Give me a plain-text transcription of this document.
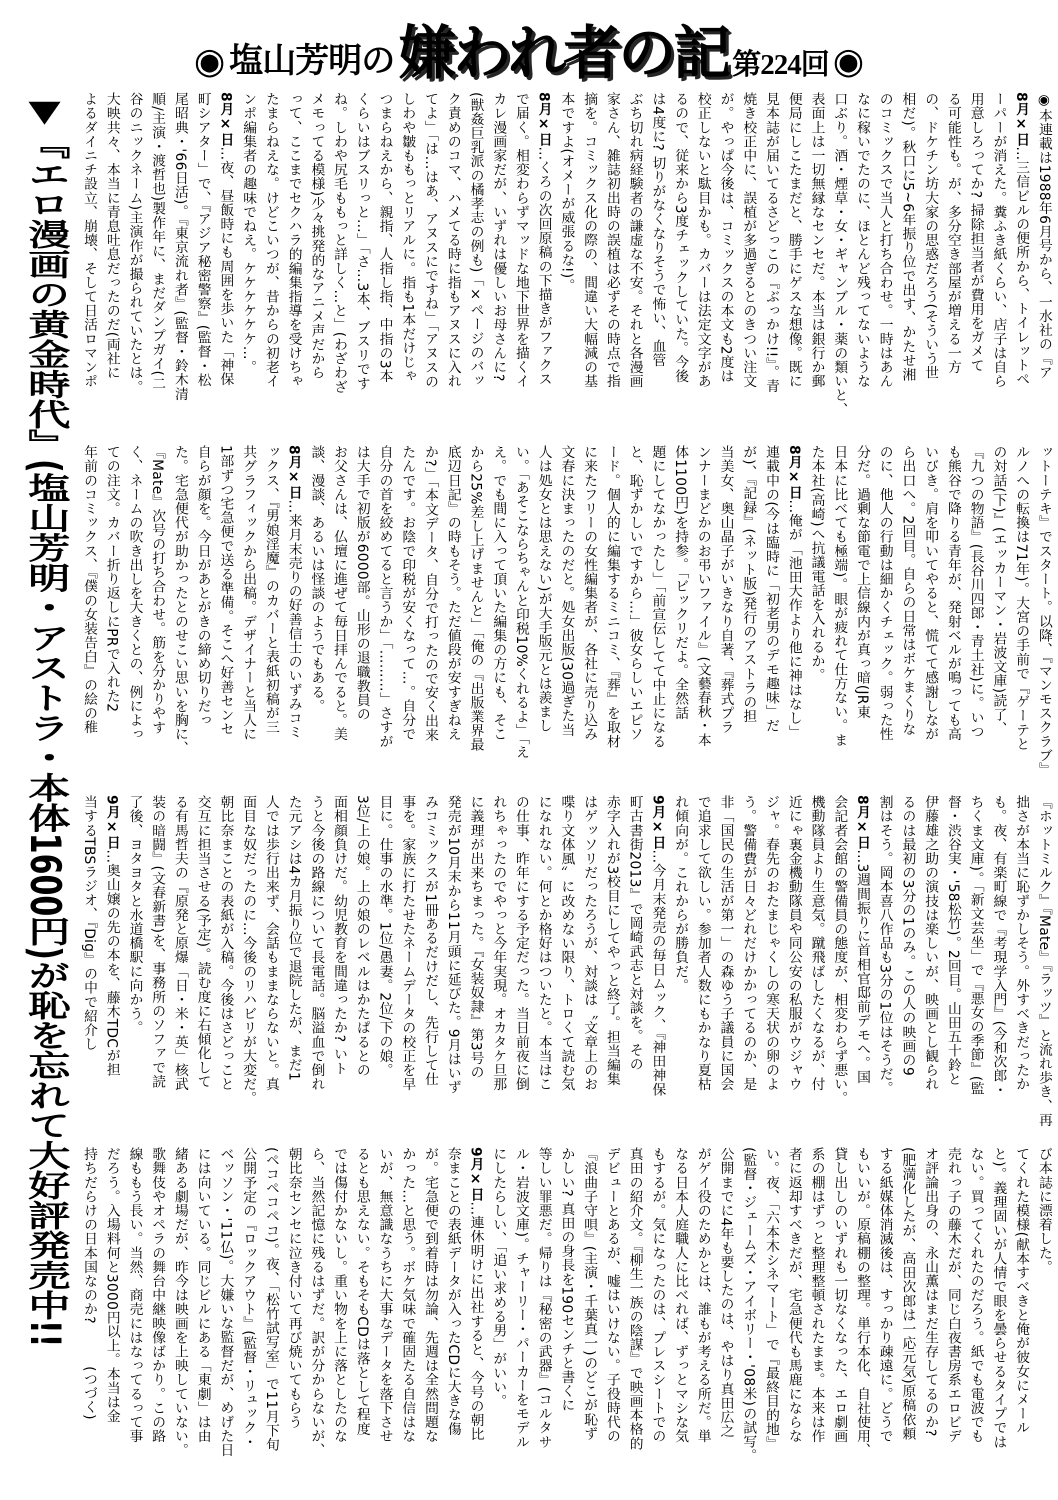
◉ 塩山芳明の 嫌われ者の記 第224回 ◉
▼『エロ漫画の黄金時代』(塩山芳明・アストラ・本体1600円)が恥を忘れて大好評発売中!!	◉本連載は1988年6月号から、一水社の『ア
8月×日…三信ビルの便所から、トイレットペ
ーパーが消えた。糞ふき紙くらい、店子は自ら
用意しろってか? 掃除担当者が費用をガメて
る可能性も。が、多分空き部屋が増える一方
の、ドケチン坊大家の思惑だろう(そういう世
相だ)。秋口に5~6年振り位で出す、かたせ湘
のコミックスで当人と打ち合わせ。一時はあん
なに稼いでたのに、ほとんど残ってないような
口ぶり。酒・煙草・女・ギャンブル・薬の類いと、
表面上は一切無縁なセンセだ。本当は銀行か郵
便局にしこたまだと、勝手にゲスな想像。既に
見本誌が届いてるさどっこの『ぶっかけ!!』。青
焼き校正中に、誤植が多過ぎるとのきつい注文
が。やっぱ今後は、コミックスの本文も2度は
校正しないと駄目かも。カバーは法定文字があ
るので、従来から3度チェックしていた。今後
は4度に? 切りがなくなりそうで怖い、血管
ぶち切れ病経験者の謙虚な不安。それと各漫画
家さん、雑誌初出時の誤植は必ずその時点で指
摘を。コミックス化の際の、間違い大幅減の基
本ですよ(オメーが威張るな!)。
8月×日…くろの次回原稿の下描きがファクス
で届く。相変わらずマッドな地下世界を描くイ
カレ漫画家だが、いずれは優しいお母さんに?
(獣姦巨乳派の橘孝志の例も)「×ページのバッ
ク責めのコマ、ハメてる時に指もアヌスに入れ
てよ」「は…はあ、アヌスにですね」「アヌスの
しわや皺ももっとリアルに。指も1本だけじゃ
つまらねえから、親指、人指し指、中指の3本
くらいはブスリっと…」「さ…3本、ブスリです
ね。しわや尻毛ももっと詳しく…と」(わざわざ
メモってる模様)少々挑発的なアニメ声だから
って、ここまでセクハラ的編集指導を受けちゃ
たまらねえな。けどこいつが、昔からの初老イ
ンポ編集者の趣味でねえ。ケケケケケケ…。
8月×日…夜、昼飯時にも周囲を歩いた「神保
町シアター」で、『アジア秘密警察』(監督・松
尾昭典・'66日活)。『東京流れ者』(監督・鈴木清
順/主演・渡哲也)製作年に、まだダンプガイ(二
谷のニックネーム)主演作が撮られていたとは。
大映共々、本当に青息吐息だったのだ(両社に
よるダイニチ設立、崩壊、そして日活ロマンポ
ットーテキ』でスタート。以降、『マンモスクラブ』
ルノへの転換は71年)。大宮の手前で『ゲーテと
の対話(下)』(エッカーマン・岩波文庫)読了、
『九つの物語』(長谷川四郎・青土社)に。いつ
も熊谷で降りる青年が、発射ベルが鳴っても高
いびき。肩を叩いてやると、慌てて感謝しなが
ら出口へ。2回目。自らの日常はボケまくりな
のに、他人の行動は細かくチェック。弱った性
分だ。過剰な節電で上信線内が真っ暗(JR東
日本に比べても極端)。眼が疲れて仕方ない。ま
た本社(高崎)へ抗議電話を入れるか。
8月×日…俺が「池田大作より他に神はなし」
連載中の(今は臨時に「初老男のデモ趣味」だ
が)、『記録』(ネット版)発行のアストラの担
当美女、奥山晶子がいきなり自著、『葬式プラ
ンナーまどかのお弔いファイル』(文藝春秋・本
体1100円)を持参。「ビックリだよ。全然話
題にしてなかったし」「前宣伝してて中止になる
と、恥ずかしいですから…」彼女らしいエピソ
ード。個人的に編集するミニコミ、『葬』を取材
に来たフリーの女性編集者が、各社に売り込み
文春に決まったのだと。処女出版(30過ぎた当
人は処女とは思えない)が大手版元とは羨まし
い。「あそこならちゃんと印税10%くれるよ」「え
え。でも間に入って頂いた編集の方にも、そこ
から25%差し上げませんと」「俺の『出版業界最
底辺日記』の時もそう。ただ値段が安すぎねえ
か?」「本文データ、自分で打ったので安く出来
たんです。お陰で印税が安くなって…。自分で
自分の首を絞めてると言うか」「………」さすが
は大手で初版が6000部。山形の退職教員の
お父さんは、仏壇に進ぜて毎日拝んでると。美
談、漫談、あるいは怪談のようでもある。
8月×日…来月末売りの好善信士のいずみコミ
ックス、『男娘淫魔』のカバーと表紙初稿が三
共グラフィックから出稿。デザイナーと当人に
1部ずつ宅急便で送る準備。そこへ好善センセ
自らが顔を。今日があとがきの締め切りだっ
た。宅急便代が助かったとのせこい思いを胸に、
『Mate』次号の打ち合わせ。筋を分かりやす
く、ネームの吹き出しを大きくとの、例によっ
ての注文。カバー折り返しにPRで入れた2
年前のコミックス、『僕の女装告白』の絵の稚
『ホットミルク』『Mate』『ラッツ』と流れ歩き、再
拙さが本当に恥ずかしそう。外すべきだったか
も。夜、有楽町線で『考現学入門』(今和次郎・
ちくま文庫)。「新文芸坐」で『悪女の季節』(監
督・渋谷実・'58松竹)。2回目。山田五十鈴と
伊藤雄之助の演技は楽しいが、映画とし観られ
るのは最初の3分の1のみ。この人の映画の9
割はそう。岡本喜八作品も3分の1位はそうだ。
8月×日…3週間振りに首相官邸前デモへ。国
会記者会館の警備員の態度が、相変わらず悪い。
機動隊員より生意気。蹴飛ばしたくなるが、付
近にゃ裏金機動隊員や同公安の私服がウジャウ
ジャ。春先のおたまじゃくしの寒天状の卵のよ
う。警備費が日々どれだけかかってるのか、是
非「国民の生活が第一」の森ゆう子議員に国会
で追求して欲しい。参加者人数にもかなり夏枯
れ傾向が。これからが勝負だ。
9月×日…今月末発売の毎日ムック、『神田神保
町古書街2013』で岡崎武志と対談を。その
赤字入れが3校目にしてやっと終了。担当編集
はゲッソリだったろうが、対談は〝文章上のお
喋り文体風〞に改めない限り、トロくて読む気
になれない。何とか格好はついたと。本当はこ
の仕事、昨年にする予定だった。当日前夜に倒
れちゃったのでやっと今年実現。オカタケ旦那
に義理が出来ちまった。『女装奴隷』第3号の
発売が10月末から11月頭に延びた。9月はいず
みコミックスが1冊あるだけだし、先行して仕
事を。家族に打たせたネームデータの校正を早
目に。仕事の水準。1位/愚妻。2位/下の娘。
3位/上の娘。上の娘のレベルはかたぱるとの
面相顔負けだ。幼児教育を間違ったか? いト
うと今後の路線について長電話。脳溢血で倒れ
た元アシは4カ月振り位で退院したが、まだ1
人では歩行出来ず、会話もままならないと。真
面目な奴だったのに…今後のリハビリが大変だ。
朝比奈まことの表紙が入稿。今後はさどっこと
交互に担当させる(予定)。読む度に右傾化して
る有馬哲夫の『原発と原爆「日・米・英」核武
装の暗闘』(文春新書)を、事務所のソファで読
了後、ヨタヨタと水道橋駅に向かう。
9月×日…奥山嬢の先の本を、藤木TDCが担
当するTBSラジオ、『Dig』の中で紹介し
び本誌に漂着した。
てくれた模様(献本すべきと俺が彼女にメール
と)。義理固いが人情で眼を曇らせるタイプでは
ない。買ってくれたのだろう。紙でも電波でも
売れっ子の藤木だが、同じ白夜書房系エロビデ
オ評論出身の、永山薫はまだ生存してるのか?
(肥満化したが、高田次郎は一応元気)原稿依頼
する紙媒体消滅後は、すっかり疎遠に。どうで
もいいが。原稿棚の整理。単行本化、自社使用、
貸し出しのいずれも一切なくなった、エロ劇画
系の棚はずっと整理整頓されたまま。本来は作
者に返却すべきだが、宅急便代も馬鹿にならな
い。夜、「六本木シネマート」で『最終目的地』
(監督・ジェームズ・アイボリー・'08米)の試写。
公開までに4年も要したのは、やはり真田広之
がゲイ役のためかとは、誰もが考える所だ。単
なる日本人庭職人に比べれば、ずっとマシな気
もするが。気になったのは、プレスシートでの
真田の紹介文。『柳生一族の陰謀』で映画本格的
デビューとあるが、嘘はいけない。子役時代の
『浪曲子守唄』(主演・千葉真一)のどこが恥ず
かしい? 真田の身長を190センチと書くに
等しい罪悪だ。帰りは『秘密の武器』(コルタサ
ル・岩波文庫)。チャーリー・パーカーをモデル
にしたらしい、「追い求める男」がいい。
9月×日…連休明けに出社すると、今号の朝比
奈まことの表紙データが入ったCDに大きな傷
が。宅急便で到着時は勿論、先週は全然問題な
かった…と思う。ボケ気味で確固たる自信はな
いが、無意識なうちに大事なデータを落下させ
るとも思えない。そもそもCDは落として程度
では傷付かないし。重い物を上に落としたのな
ら、当然記憶に残るはずだ。訳が分からないが、
朝比奈センセに泣き付いて再び焼いてもらう
(ペコペコペコ)。夜、「松竹試写室」で11月下旬
公開予定の『ロックアウト』(監督・リュック・
ベッソン・'11仏)。大嫌いな監督だが、めげた日
には向いている。同じビルにある「東劇」は由
緒ある劇場だが、昨今は映画を上映していない。
歌舞伎やオペラの舞台中継映像ばかり。この路
線ももう長い。当然、商売にはなってるって事
だろう。入場料何と3000円以上。本当は金
持ちだらけの日本国なのか?　　　(つづく)
